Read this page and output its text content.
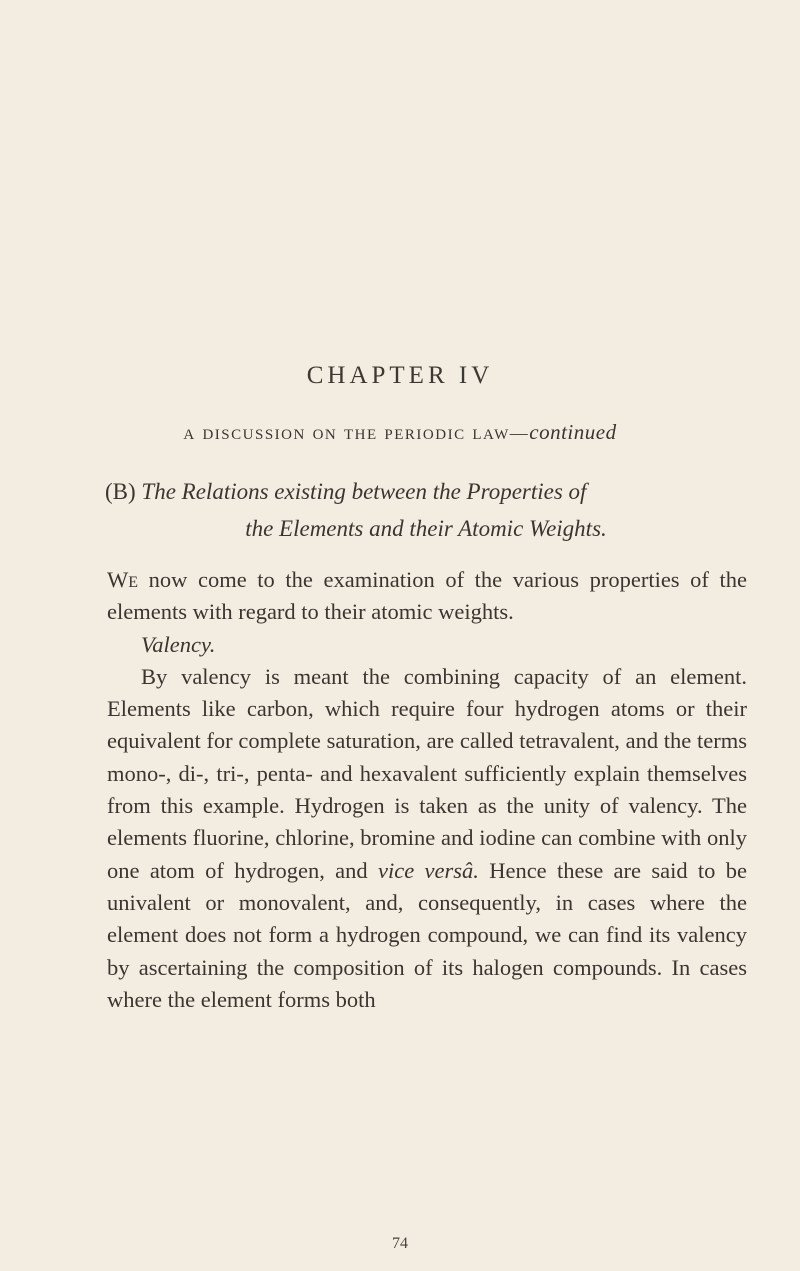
CHAPTER IV
a discussion on the periodic law—continued
(B) The Relations existing between the Properties of
the Elements and their Atomic Weights.

We now come to the examination of the various properties of the elements with regard to their atomic weights.

Valency.

By valency is meant the combining capacity of an element. Elements like carbon, which require four hydrogen atoms or their equivalent for complete saturation, are called tetravalent, and the terms mono-, di-, tri-, penta- and hexavalent sufficiently explain themselves from this example. Hydrogen is taken as the unity of valency. The elements fluorine, chlorine, bromine and iodine can combine with only one atom of hydrogen, and vice versâ. Hence these are said to be univalent or monovalent, and, consequently, in cases where the element does not form a hydrogen compound, we can find its valency by ascertaining the composition of its halogen compounds. In cases where the element forms both

74
